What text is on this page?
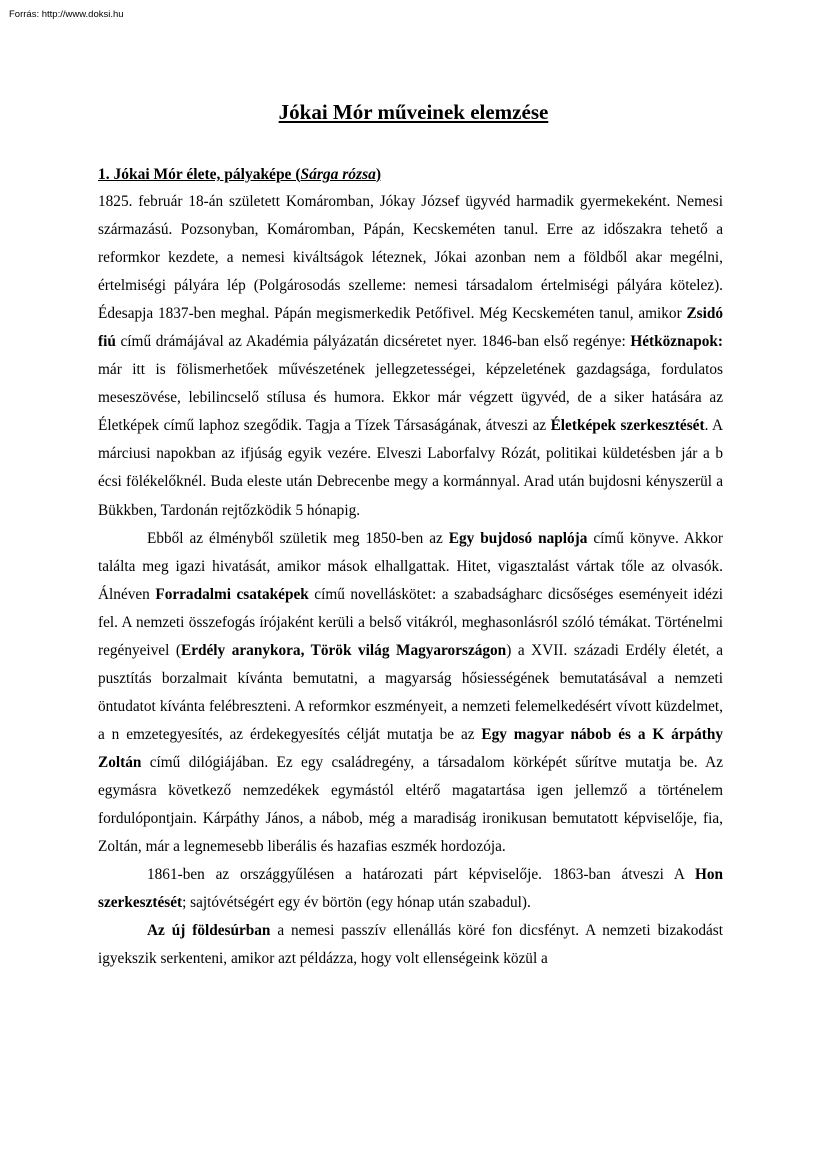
Forrás: http://www.doksi.hu
Jókai Mór műveinek elemzése
1. Jókai Mór élete, pályaképe (Sárga rózsa)

1825. február 18-án született Komáromban, Jókay József ügyvéd harmadik gyermekeként. Nemesi származású. Pozsonyban, Komáromban, Pápán, Kecskeméten tanul. Erre az időszakra tehető a reformkor kezdete, a nemesi kiváltságok léteznek, Jókai azonban nem a földből akar megélni, értelmiségi pályára lép (Polgárosodás szelleme: nemesi társadalom értelmiségi pályára kötelez). Édesapja 1837-ben meghal. Pápán megismerkedik Petőfivel. Még Kecskeméten tanul, amikor Zsidó fiú című drámájával az Akadémia pályázatán dicséretet nyer. 1846-ban első regénye: Hétköznapok: már itt is fölismerhetőek művészetének jellegzetességei, képzeletének gazdagsága, fordulatos meseszövése, lebilincselő stílusa és humora. Ekkor már végzett ügyvéd, de a siker hatására az Életképek című laphoz szegődik. Tagja a Tízek Társaságának, átveszi az Életképek szerkesztését. A márciusi napokban az ifjúság egyik vezére. Elveszi Laborfalvy Rózát, politikai küldetésben jár a b écsi fölékelőknél. Buda eleste után Debrecenbe megy a kormánnyal. Arad után bujdosni kényszerül a Bükkben, Tardonán rejtőzködik 5 hónapig.

Ebből az élményből születik meg 1850-ben az Egy bujdosó naplója című könyve. Akkor találta meg igazi hivatását, amikor mások elhallgattak. Hitet, vigasztalást vártak tőle az olvasók. Álnéven Forradalmi csataképek című novelláskötet: a szabadságharc dicsőséges eseményeit idézi fel. A nemzeti összefogás írójaként kerüli a belső vitákról, meghasonlásról szóló témákat. Történelmi regényeivel (Erdély aranykora, Török világ Magyarországon) a XVII. századi Erdély életét, a pusztítás borzalmait kívánta bemutatni, a magyarság hősiességének bemutatásával a nemzeti öntudatot kívánta felébreszteni. A reformkor eszményeit, a nemzeti felemelkedésért vívott küzdelmet, a n emzetegyesítés, az érdekegyesítés célját mutatja be az Egy magyar nábob és a K árpáthy Zoltán című dilógiájában. Ez egy családregény, a társadalom körképét sűrítve mutatja be. Az egymásra következő nemzedékek egymástól eltérő magatartása igen jellemző a történelem fordulópontjain. Kárpáthy János, a nábob, még a maradiság ironikusan bemutatott képviselője, fia, Zoltán, már a legnemesebb liberális és hazafias eszmék hordozója.

1861-ben az országgyűlésen a határozati párt képviselője. 1863-ban átveszi A Hon szerkesztését; sajtóvétségért egy év börtön (egy hónap után szabadul).

Az új földesúrban a nemesi passzív ellenállás köré fon dicsfényt. A nemzeti bizakodást igyekszik serkenteni, amikor azt példázza, hogy volt ellenségeink közül a
